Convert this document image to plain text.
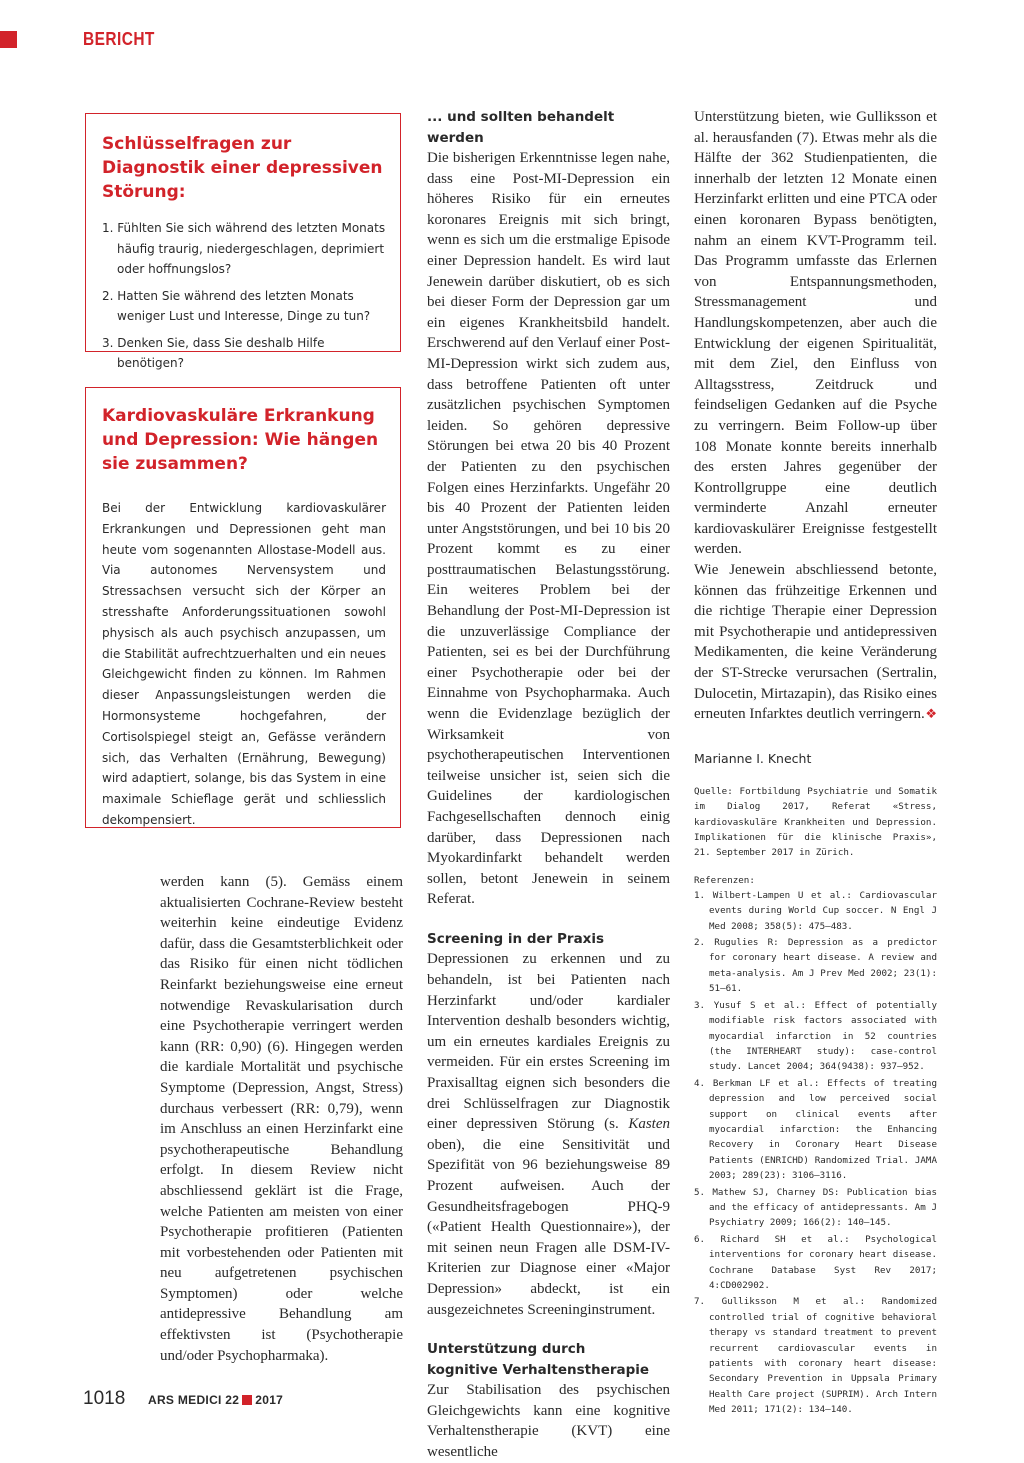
BERICHT
Schlüsselfragen zur Diagnostik einer depressiven Störung:
1. Fühlten Sie sich während des letzten Monats häufig traurig, niedergeschlagen, deprimiert oder hoffnungslos?
2. Hatten Sie während des letzten Monats weniger Lust und Interesse, Dinge zu tun?
3. Denken Sie, dass Sie deshalb Hilfe benötigen?
Kardiovaskuläre Erkrankung und Depression: Wie hängen sie zusammen?

Bei der Entwicklung kardiovaskulärer Erkrankungen und Depressionen geht man heute vom sogenannten Allostase-Modell aus. Via autonomes Nervensystem und Stressachsen versucht sich der Körper an stresshafte Anforderungssituationen sowohl physisch als auch psychisch anzupassen, um die Stabilität aufrechtzuerhalten und ein neues Gleichgewicht finden zu können. Im Rahmen dieser Anpassungsleistungen werden die Hormonsysteme hochgefahren, der Cortisolspiegel steigt an, Gefässe verändern sich, das Verhalten (Ernährung, Bewegung) wird adaptiert, solange, bis das System in eine maximale Schieflage gerät und schliesslich dekompensiert.

werden kann (5). Gemäss einem aktualisierten Cochrane-Review besteht weiterhin keine eindeutige Evidenz dafür, dass die Gesamtsterblichkeit oder das Risiko für einen nicht tödlichen Reinfarkt beziehungsweise eine erneut notwendige Revaskularisation durch eine Psychotherapie verringert werden kann (RR: 0,90) (6). Hingegen werden die kardiale Mortalität und psychische Symptome (Depression, Angst, Stress) durchaus verbessert (RR: 0,79), wenn im Anschluss an einen Herzinfarkt eine psychotherapeutische Behandlung erfolgt. In diesem Review nicht abschliessend geklärt ist die Frage, welche Patienten am meisten von einer Psychotherapie profitieren (Patienten mit vorbestehenden oder Patienten mit neu aufgetretenen psychischen Symptomen) oder welche antidepressive Behandlung am effektivsten ist (Psychotherapie und/oder Psychopharmaka).

... und sollten behandelt werden

Die bisherigen Erkenntnisse legen nahe, dass eine Post-MI-Depression ein höheres Risiko für ein erneutes koronares Ereignis mit sich bringt, wenn es sich um die erstmalige Episode einer Depression handelt. Es wird laut Jenewein darüber diskutiert, ob es sich bei dieser Form der Depression gar um ein eigenes Krankheitsbild handelt. Erschwerend auf den Verlauf einer Post-MI-Depression wirkt sich zudem aus, dass betroffene Patienten oft unter zusätzlichen psychischen Symptomen leiden. So gehören depressive Störungen bei etwa 20 bis 40 Prozent der Patienten zu den psychischen Folgen eines Herzinfarkts. Ungefähr 20 bis 40 Prozent der Patienten leiden unter Angststörungen, und bei 10 bis 20 Prozent kommt es zu einer posttraumatischen Belastungsstörung. Ein weiteres Problem bei der Behandlung der Post-MI-Depression ist die unzuverlässige Compliance der Patienten, sei es bei der Durchführung einer Psychotherapie oder bei der Einnahme von Psychopharmaka. Auch wenn die Evidenzlage bezüglich der Wirksamkeit von psychotherapeutischen Interventionen teilweise unsicher ist, seien sich die Guidelines der kardiologischen Fachgesellschaften dennoch einig darüber, dass Depressionen nach Myokardinfarkt behandelt werden sollen, betont Jenewein in seinem Referat.

Screening in der Praxis

Depressionen zu erkennen und zu behandeln, ist bei Patienten nach Herzinfarkt und/oder kardialer Intervention deshalb besonders wichtig, um ein erneutes kardiales Ereignis zu vermeiden. Für ein erstes Screening im Praxisalltag eignen sich besonders die drei Schlüsselfragen zur Diagnostik einer depressiven Störung (s. Kasten oben), die eine Sensitivität und Spezifität von 96 beziehungsweise 89 Prozent aufweisen. Auch der Gesundheitsfragebogen PHQ-9 («Patient Health Questionnaire»), der mit seinen neun Fragen alle DSM-IV-Kriterien zur Diagnose einer «Major Depression» abdeckt, ist ein ausgezeichnetes Screeninginstrument.

Unterstützung durch
kognitive Verhaltenstherapie

Zur Stabilisation des psychischen Gleichgewichts kann eine kognitive Verhaltenstherapie (KVT) eine wesentliche

Unterstützung bieten, wie Gulliksson et al. herausfanden (7). Etwas mehr als die Hälfte der 362 Studienpatienten, die innerhalb der letzten 12 Monate einen Herzinfarkt erlitten und eine PTCA oder einen koronaren Bypass benötigten, nahm an einem KVT-Programm teil. Das Programm umfasste das Erlernen von Entspannungsmethoden, Stressmanagement und Handlungskompetenzen, aber auch die Entwicklung der eigenen Spiritualität, mit dem Ziel, den Einfluss von Alltagsstress, Zeitdruck und feindseligen Gedanken auf die Psyche zu verringern. Beim Follow-up über 108 Monate konnte bereits innerhalb des ersten Jahres gegenüber der Kontrollgruppe eine deutlich verminderte Anzahl erneuter kardiovaskulärer Ereignisse festgestellt werden.

Wie Jenewein abschliessend betonte, können das frühzeitige Erkennen und die richtige Therapie einer Depression mit Psychotherapie und antidepressiven Medikamenten, die keine Veränderung der ST-Strecke verursachen (Sertralin, Dulocetin, Mirtazapin), das Risiko eines erneuten Infarktes deutlich verringern. ❖

Marianne I. Knecht
Quelle: Fortbildung Psychiatrie und Somatik im Dialog 2017, Referat «Stress, kardiovaskuläre Krankheiten und Depression. Implikationen für die klinische Praxis», 21. September 2017 in Zürich.
Referenzen:
1. Wilbert-Lampen U et al.: Cardiovascular events during World Cup soccer. N Engl J Med 2008; 358(5): 475–483.
2. Rugulies R: Depression as a predictor for coronary heart disease. A review and meta-analysis. Am J Prev Med 2002; 23(1): 51–61.
3. Yusuf S et al.: Effect of potentially modifiable risk factors associated with myocardial infarction in 52 countries (the INTERHEART study): case-control study. Lancet 2004; 364(9438): 937–952.
4. Berkman LF et al.: Effects of treating depression and low perceived social support on clinical events after myocardial infarction: the Enhancing Recovery in Coronary Heart Disease Patients (ENRICHD) Randomized Trial. JAMA 2003; 289(23): 3106–3116.
5. Mathew SJ, Charney DS: Publication bias and the efficacy of antidepressants. Am J Psychiatry 2009; 166(2): 140–145.
6. Richard SH et al.: Psychological interventions for coronary heart disease. Cochrane Database Syst Rev 2017; 4:CD002902.
7. Gulliksson M et al.: Randomized controlled trial of cognitive behavioral therapy vs standard treatment to prevent recurrent cardiovascular events in patients with coronary heart disease: Secondary Prevention in Uppsala Primary Health Care project (SUPRIM). Arch Intern Med 2011; 171(2): 134–140.
1018 ARS MEDICI 22 2017
